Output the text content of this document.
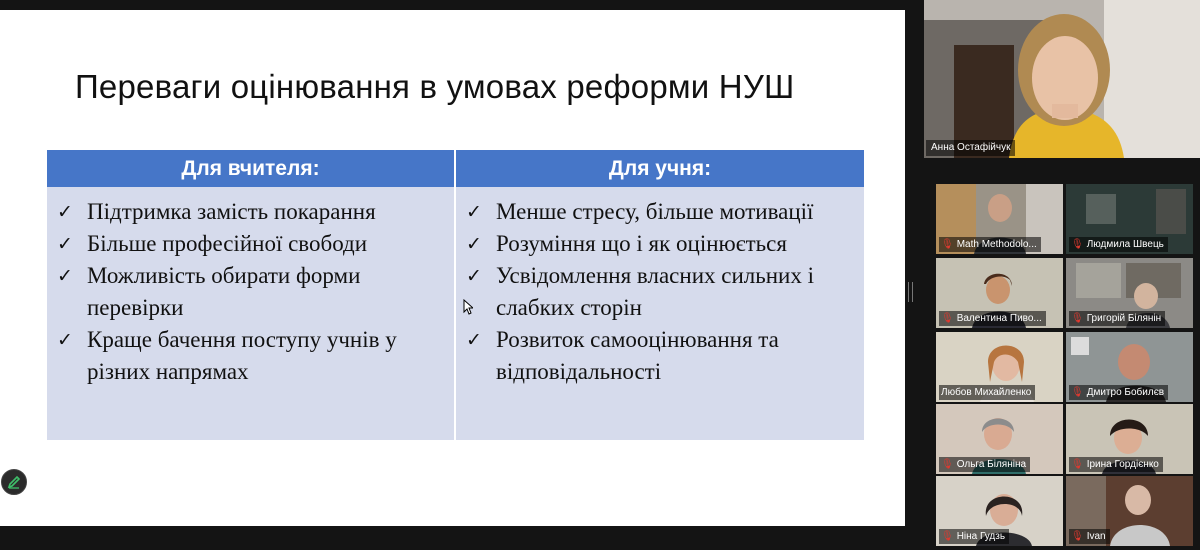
Переваги оцінювання в умовах реформи НУШ
Для вчителя:
✓ Підтримка замість покарання
✓ Більше професійної свободи
✓ Можливість обирати форми перевірки
✓ Краще бачення поступу учнів у різних напрямах
Для учня:
✓ Менше стресу, більше мотивації
✓ Розуміння що і як оцінюється
✓ Усвідомлення власних сильних і слабких сторін
✓ Розвиток самооцінювання та відповідальності
Анна Остафійчук
🎙 Math Methodolo...	🎙 Людмила Швець
🎙 Валентина Пиво...	🎙 Григорій Білянін
Любов Михайленко	🎙 Дмитро Бобилєв
🎙 Ольга Біляніна	🎙 Ірина Гордієнко
🎙 Ніна Гудзь	🎙 Ivan
